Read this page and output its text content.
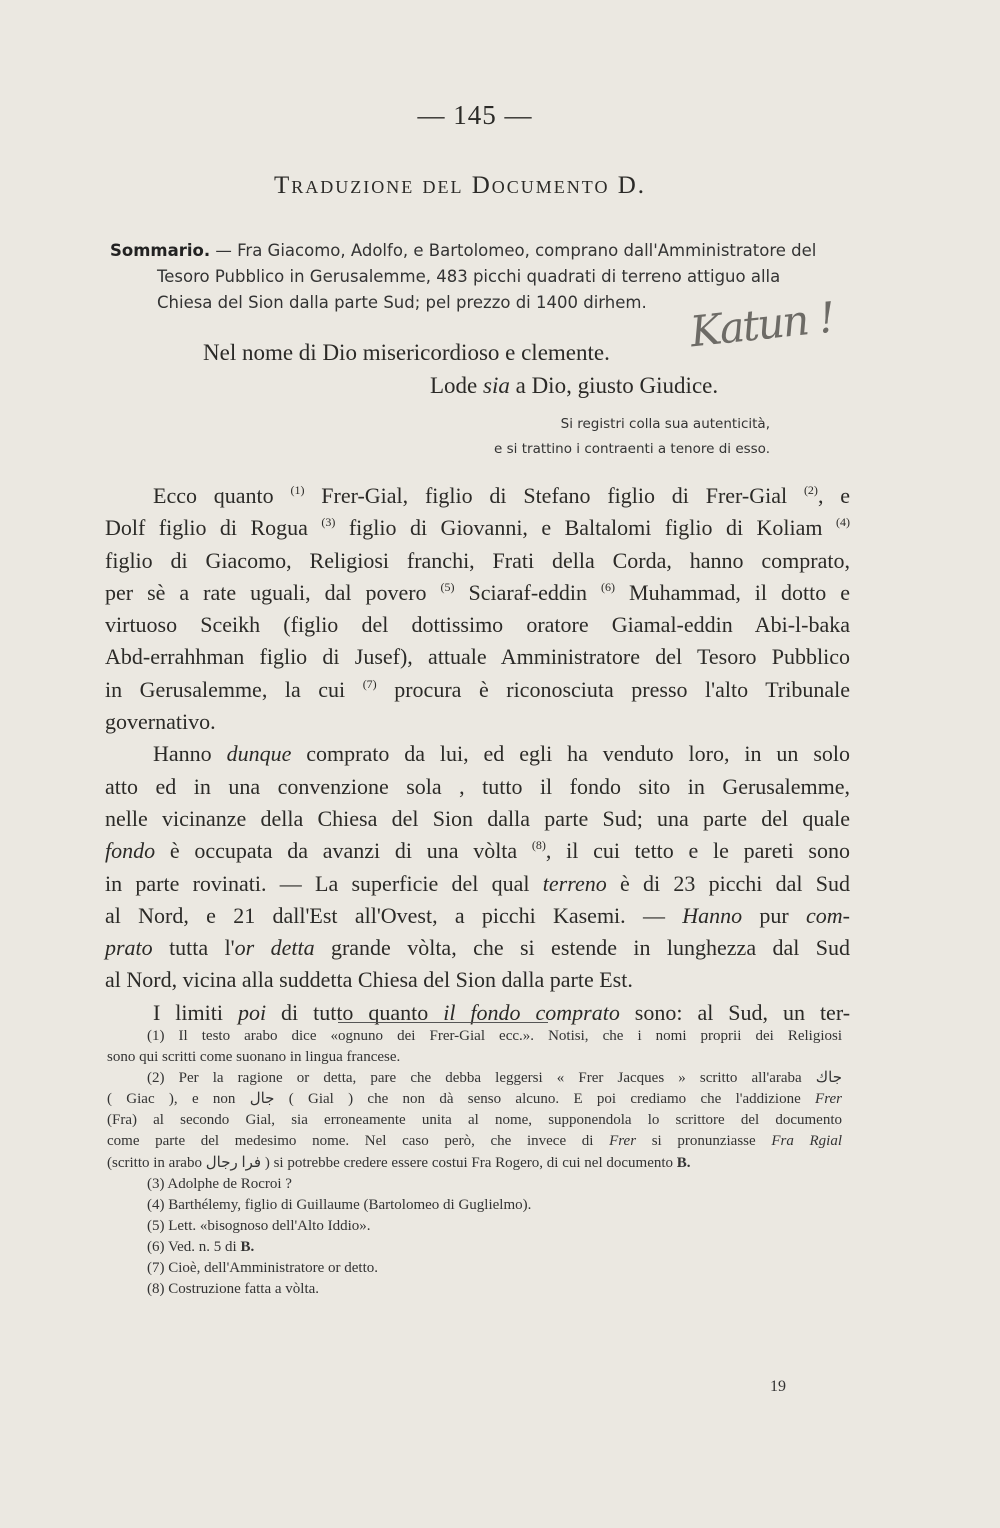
— 145 —
Traduzione del Documento D.
Sommario. — Fra Giacomo, Adolfo, e Bartolomeo, comprano dall'Amministratore del
Tesoro Pubblico in Gerusalemme, 483 picchi quadrati di terreno attiguo alla
Chiesa del Sion dalla parte Sud; pel prezzo di 1400 dirhem. Katun !
Nel nome di Dio misericordioso e clemente.
Lode sia a Dio, giusto Giudice.
Si registri colla sua autenticità,
e si trattino i contraenti a tenore di esso.
Ecco quanto $^{(1)}$ Frer-Gial, figlio di Stefano figlio di Frer-Gial $^{(2)}$, e
Dolf figlio di Rogua $^{(3)}$ figlio di Giovanni, e Baltalomi figlio di Koliam $^{(4)}$
figlio di Giacomo, Religiosi franchi, Frati della Corda, hanno comprato,
per sè a rate uguali, dal povero $^{(5)}$ Sciaraf-eddin $^{(6)}$ Muhammad, il dotto e
virtuoso Sceikh (figlio del dottissimo oratore Giamal-eddin Abi-l-baka
Abd-errahhman figlio di Jusef), attuale Amministratore del Tesoro Pubblico
in Gerusalemme, la cui $^{(7)}$ procura è riconosciuta presso l'alto Tribunale
governativo.
Hanno dunque comprato da lui, ed egli ha venduto loro, in un solo
atto ed in una convenzione sola , tutto il fondo sito in Gerusalemme,
nelle vicinanze della Chiesa del Sion dalla parte Sud; una parte del quale
fondo è occupata da avanzi di una vòlta $^{(8)}$, il cui tetto e le pareti sono
in parte rovinati. — La superficie del qual terreno è di 23 picchi dal Sud
al Nord, e 21 dall'Est all'Ovest, a picchi Kasemi. — Hanno pur com-
prato tutta l'or detta grande vòlta, che si estende in lunghezza dal Sud
al Nord, vicina alla suddetta Chiesa del Sion dalla parte Est.
I limiti poi di tutto quanto il fondo comprato sono: al Sud, un ter-
(1) Il testo arabo dice «ognuno dei Frer-Gial ecc.». Notisi, che i nomi proprii dei Religiosi
sono qui scritti come suonano in lingua francese.
(2) Per la ragione or detta, pare che debba leggersi « Frer Jacques » scritto all'araba جاك
( Giac ), e non جال ( Gial ) che non dà senso alcuno. E poi crediamo che l'addizione Frer
(Fra) al secondo Gial, sia erroneamente unita al nome, supponendola lo scrittore del documento
come parte del medesimo nome. Nel caso però, che invece di Frer si pronunziasse Fra Rgial
(scritto in arabo فرا رجال ) si potrebbe credere essere costui Fra Rogero, di cui nel documento B.
(3) Adolphe de Rocroi ?
(4) Barthélemy, figlio di Guillaume (Bartolomeo di Guglielmo).
(5) Lett. «bisognoso dell'Alto Iddio».
(6) Ved. n. 5 di B.
(7) Cioè, dell'Amministratore or detto.
(8) Costruzione fatta a vòlta.
19
